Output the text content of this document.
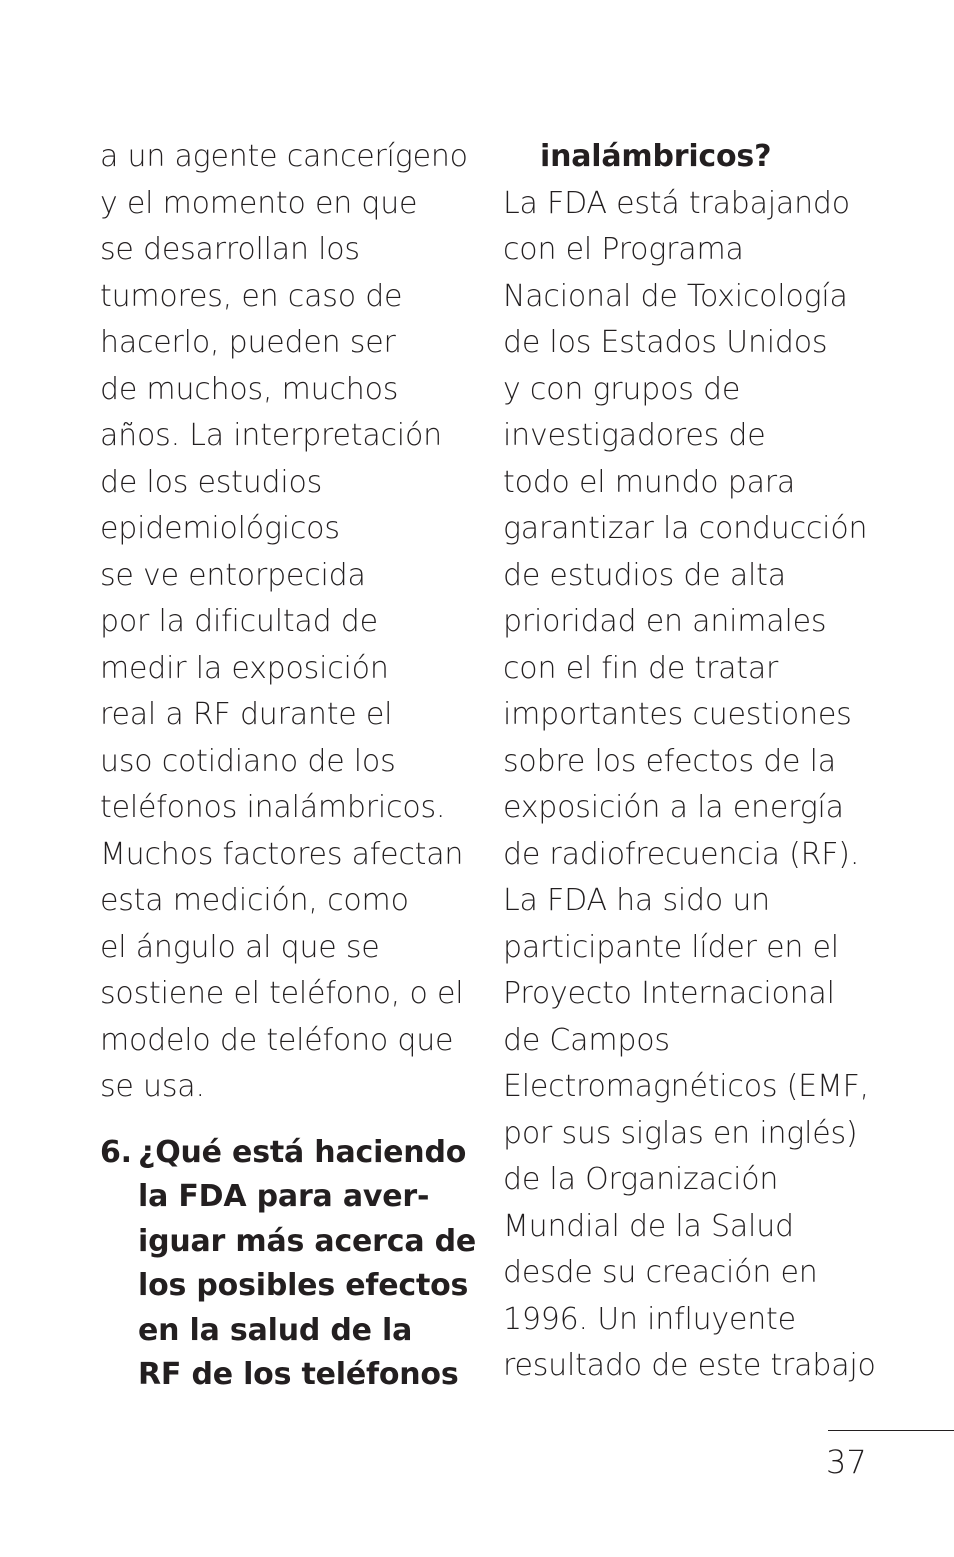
a un agente cancerígeno
y el momento en que
se desarrollan los
tumores, en caso de
hacerlo, pueden ser
de muchos, muchos
años. La interpretación
de los estudios
epidemiológicos
se ve entorpecida
por la dificultad de
medir la exposición
real a RF durante el
uso cotidiano de los
teléfonos inalámbricos.
Muchos factores afectan
esta medición, como
el ángulo al que se
sostiene el teléfono, o el
modelo de teléfono que
se usa.
6. ¿Qué está haciendo
la FDA para aver-
iguar más acerca de
los posibles efectos
en la salud de la
RF de los teléfonos
inalámbricos?
La FDA está trabajando
con el Programa
Nacional de Toxicología
de los Estados Unidos
y con grupos de
investigadores de
todo el mundo para
garantizar la conducción
de estudios de alta
prioridad en animales
con el fin de tratar
importantes cuestiones
sobre los efectos de la
exposición a la energía
de radiofrecuencia (RF).
La FDA ha sido un
participante líder en el
Proyecto Internacional
de Campos
Electromagnéticos (EMF,
por sus siglas en inglés)
de la Organización
Mundial de la Salud
desde su creación en
1996. Un influyente
resultado de este trabajo
37
